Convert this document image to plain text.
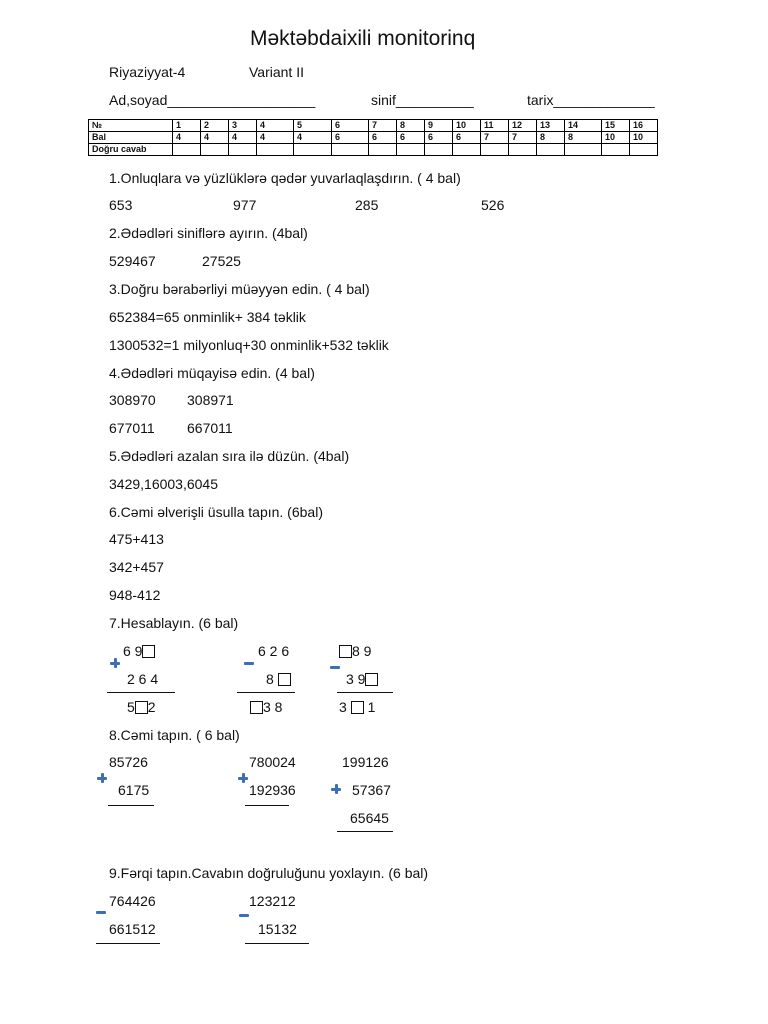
Məktəbdaixili monitorinq
Riyaziyyat-4	Variant II
Ad,soyad___________________	sinif__________	tarix_____________
№	1	2	3	4	5	6	7	8	9	10	11	12	13	14	15	16
Bal	4	4	4	4	4	6	6	6	6	6	7	7	8	8	10	10
Doğru cavab																
1.Onluqlara və yüzlüklərə qədər yuvarlaqlaşdırın. ( 4 bal)
653	977	285	526
2.Ədədləri siniflərə ayırın. (4bal)
529467	27525
3.Doğru bərabərliyi müəyyən edin. ( 4 bal)
652384=65 onminlik+ 384 təklik
1300532=1 milyonluq+30 onminlik+532 təklik
4.Ədədləri müqayisə edin. (4 bal)
308970 308971
677011 667011
5.Ədədləri azalan sıra ilə düzün. (4bal)
3429,16003,6045
6.Cəmi əlverişli üsulla tapın. (6bal)
475+413
342+457
948-412
7.Hesablayın. (6 bal)
6 9
2 6 4
5 2
6 2 6
8
3 8
8 9
3 9
3 1
8.Cəmi tapın. ( 6 bal)
85726
6175
780024
192936
199126
57367
65645
9.Fərqi tapın.Cavabın doğruluğunu yoxlayın. (6 bal)
764426
661512
123212
15132
